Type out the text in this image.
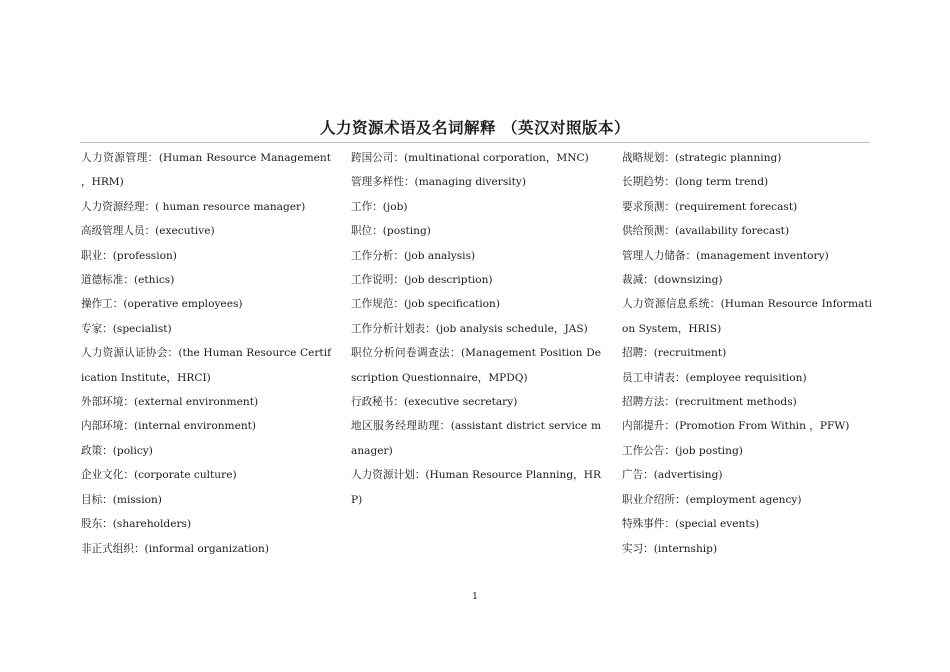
人力资源术语及名词解释 （英汉对照版本）
人力资源管理：(Human Resource Management ，HRM)
人力资源经理：( human resource manager)
高级管理人员：(executive)
职业：(profession)
道德标准：(ethics)
操作工：(operative employees)
专家：(specialist)
人力资源认证协会：(the Human Resource Certification Institute，HRCI)
外部环境：(external environment)
内部环境：(internal environment)
政策：(policy)
企业文化：(corporate culture)
目标：(mission)
股东：(shareholders)
非正式组织：(informal organization)
跨国公司：(multinational corporation，MNC)
管理多样性：(managing diversity)
工作：(job)
职位：(posting)
工作分析：(job analysis)
工作说明：(job description)
工作规范：(job specification)
工作分析计划表：(job analysis schedule，JAS)
职位分析问卷调查法：(Management Position Description Questionnaire，MPDQ)
行政秘书：(executive secretary)
地区服务经理助理：(assistant district service manager)
人力资源计划：(Human Resource Planning，HRP)
战略规划：(strategic planning)
长期趋势：(long term trend)
要求预测：(requirement forecast)
供给预测：(availability forecast)
管理人力储备：(management inventory)
裁减：(downsizing)
人力资源信息系统：(Human Resource Information System，HRIS)
招聘：(recruitment)
员工申请表：(employee requisition)
招聘方法：(recruitment methods)
内部提升：(Promotion From Within ，PFW)
工作公告：(job posting)
广告：(advertising)
职业介绍所：(employment agency)
特殊事件：(special events)
实习：(internship)
1
